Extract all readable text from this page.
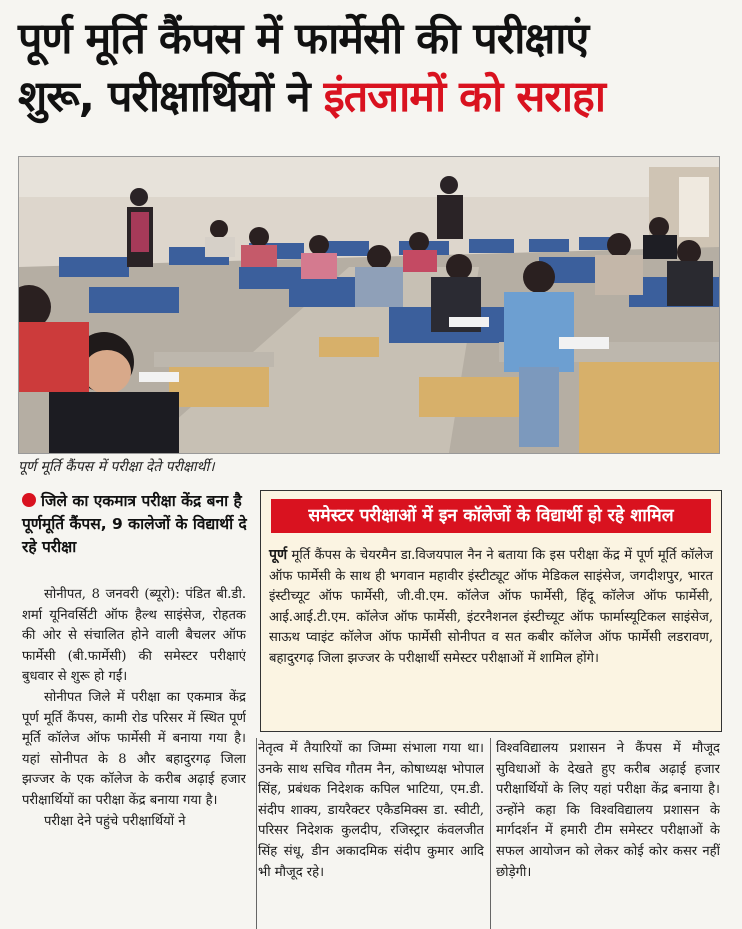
पूर्ण मूर्ति कैंपस में फार्मेसी की परीक्षाएं
शुरू, परीक्षार्थियों ने इंतजामों को सराहा
पूर्ण मूर्ति कैंपस में परीक्षा देते परीक्षार्थी।
जिले का एकमात्र परीक्षा केंद्र बना है पूर्णमूर्ति कैंपस, 9 कालेजों के विद्यार्थी दे रहे परीक्षा

सोनीपत, 8 जनवरी (ब्यूरो): पंडित बी.डी. शर्मा यूनिवर्सिटी ऑफ हैल्थ साइंसेज, रोहतक की ओर से संचालित होने वाली बैचलर ऑफ फार्मेसी (बी.फार्मेसी) की समेस्टर परीक्षाएं बुधवार से शुरू हो गईं।

सोनीपत जिले में परीक्षा का एकमात्र केंद्र पूर्ण मूर्ति कैंपस, कामी रोड परिसर में स्थित पूर्ण मूर्ति कॉलेज ऑफ फार्मेसी में बनाया गया है। यहां सोनीपत के 8 और बहादुरगढ़ जिला झज्जर के एक कॉलेज के करीब अढ़ाई हजार परीक्षार्थियों का परीक्षा केंद्र बनाया गया है।

परीक्षा देने पहुंचे परीक्षार्थियों ने

समेस्टर परीक्षाओं में इन कॉलेजों के विद्यार्थी हो रहे शामिल
पूर्ण मूर्ति कैंपस के चेयरमैन डा.विजयपाल नैन ने बताया कि इस परीक्षा केंद्र में पूर्ण मूर्ति कॉलेज ऑफ फार्मेसी के साथ ही भगवान महावीर इंस्टीट्यूट ऑफ मेडिकल साइंसेज, जगदीशपुर, भारत इंस्टीच्यूट ऑफ फार्मेसी, जी.वी.एम. कॉलेज ऑफ फार्मेसी, हिंदू कॉलेज ऑफ फार्मेसी, आई.आई.टी.एम. कॉलेज ऑफ फार्मेसी, इंटरनैशनल इंस्टीच्यूट ऑफ फार्मास्यूटिकल साइंसेज, साऊथ प्वाइंट कॉलेज ऑफ फार्मेसी सोनीपत व सत कबीर कॉलेज ऑफ फार्मेसी लडरावण, बहादुरगढ़ जिला झज्जर के परीक्षार्थी समेस्टर परीक्षाओं में शामिल होंगे।

नेतृत्व में तैयारियों का जिम्मा संभाला गया था। उनके साथ सचिव गौतम नैन, कोषाध्यक्ष भोपाल सिंह, प्रबंधक निदेशक कपिल भाटिया, एम.डी. संदीप शाक्य, डायरैक्टर एकैडमिक्स डा. स्वीटी, परिसर निदेशक कुलदीप, रजिस्ट्रार कंवलजीत सिंह संधू, डीन अकादमिक संदीप कुमार आदि भी मौजूद रहे।

विश्वविद्यालय प्रशासन ने कैंपस में मौजूद सुविधाओं के देखते हुए करीब अढ़ाई हजार परीक्षार्थियों के लिए यहां परीक्षा केंद्र बनाया है। उन्होंने कहा कि विश्वविद्यालय प्रशासन के मार्गदर्शन में हमारी टीम समेस्टर परीक्षाओं के सफल आयोजन को लेकर कोई कोर कसर नहीं छोड़ेगी।
